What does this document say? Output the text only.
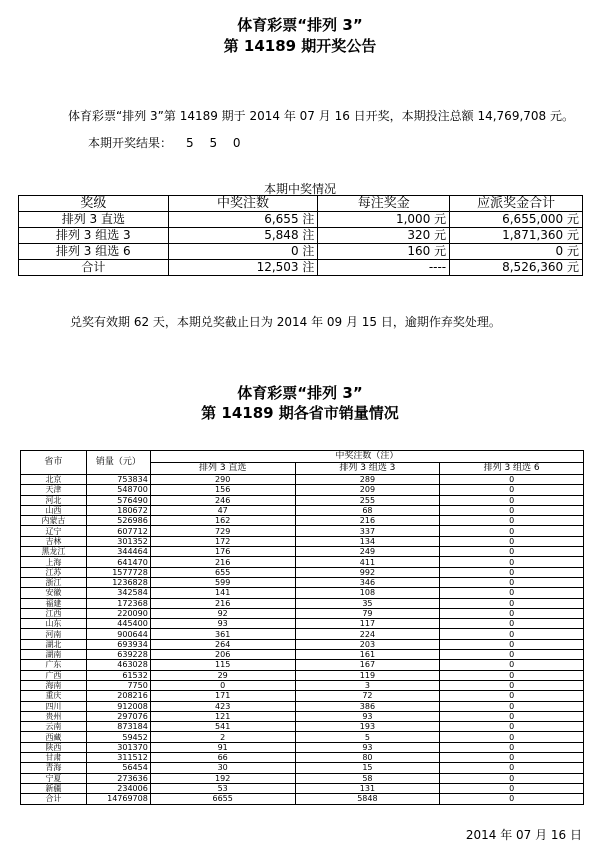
体育彩票“排列 3”
第 14189 期开奖公告
体育彩票“排列 3”第 14189 期于 2014 年 07 月 16 日开奖，本期投注总额 14,769,708 元。
本期开奖结果： 5 5 0
本期中奖情况
奖级	中奖注数	每注奖金	应派奖金合计
排列 3 直选	6,655 注	1,000 元	6,655,000 元
排列 3 组选 3	5,848 注	320 元	1,871,360 元
排列 3 组选 6	0 注	160 元	0 元
合计	12,503 注	----	8,526,360 元
兑奖有效期 62 天，本期兑奖截止日为 2014 年 09 月 15 日，逾期作弃奖处理。
体育彩票“排列 3”
第 14189 期各省市销量情况
省市	销量（元）	中奖注数（注）		
		排列 3 直选	排列 3 组选 3	排列 3 组选 6
北京	753834	290	289	0
天津	548700	156	209	0
河北	576490	246	255	0
山西	180672	47	68	0
内蒙古	526986	162	216	0
辽宁	607712	729	337	0
吉林	301352	172	134	0
黑龙江	344464	176	249	0
上海	641470	216	411	0
江苏	1577728	655	992	0
浙江	1236828	599	346	0
安徽	342584	141	108	0
福建	172368	216	35	0
江西	220090	92	79	0
山东	445400	93	117	0
河南	900644	361	224	0
湖北	693934	264	203	0
湖南	639228	206	161	0
广东	463028	115	167	0
广西	61532	29	119	0
海南	7750	0	3	0
重庆	208216	171	72	0
四川	912008	423	386	0
贵州	297076	121	93	0
云南	873184	541	193	0
西藏	59452	2	5	0
陕西	301370	91	93	0
甘肃	311512	66	80	0
青海	56454	30	15	0
宁夏	273636	192	58	0
新疆	234006	53	131	0
合计	14769708	6655	5848	0
2014 年 07 月 16 日
